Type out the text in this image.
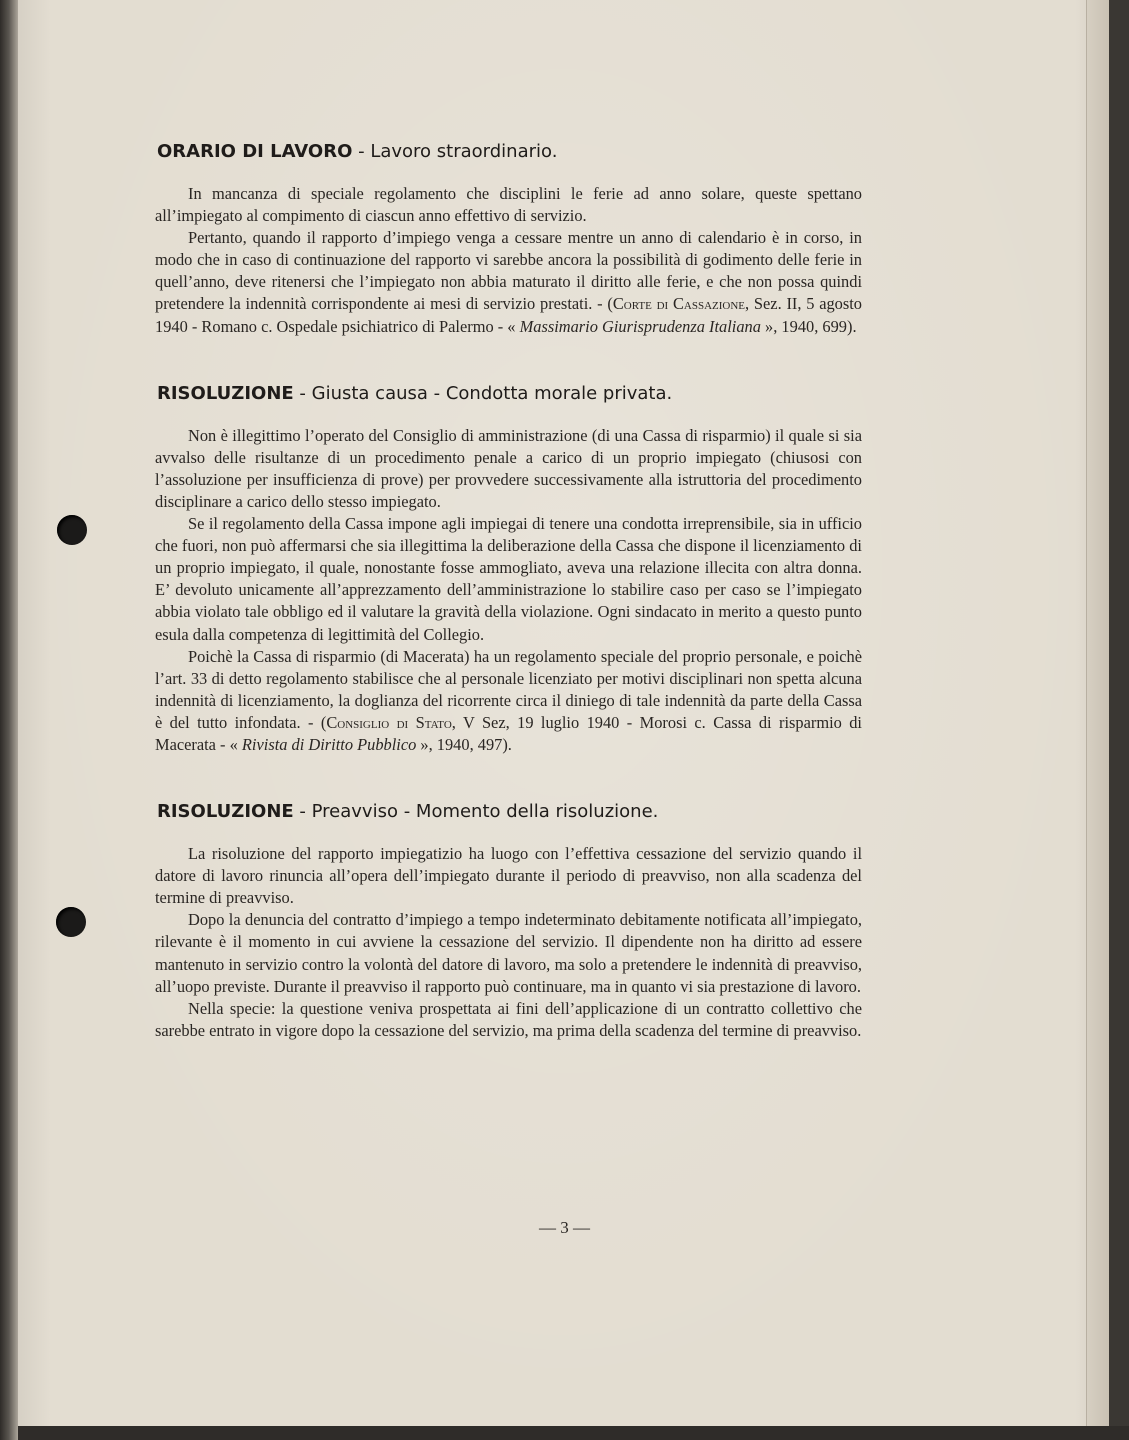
ORARIO DI LAVORO - Lavoro straordinario.

In mancanza di speciale regolamento che disciplini le ferie ad anno solare, queste spettano all’impiegato al compimento di ciascun anno effettivo di servizio.

Pertanto, quando il rapporto d’impiego venga a cessare mentre un anno di calendario è in corso, in modo che in caso di continuazione del rapporto vi sarebbe ancora la possibilità di godimento delle ferie in quell’anno, deve ritenersi che l’impiegato non abbia maturato il diritto alle ferie, e che non possa quindi pretendere la indennità corrispondente ai mesi di servizio prestati. - (Corte di Cassazione, Sez. II, 5 agosto 1940 - Romano c. Ospedale psichiatrico di Palermo - « Massimario Giurisprudenza Italiana », 1940, 699).

RISOLUZIONE - Giusta causa - Condotta morale privata.

Non è illegittimo l’operato del Consiglio di amministrazione (di una Cassa di risparmio) il quale si sia avvalso delle risultanze di un procedimento penale a carico di un proprio impiegato (chiusosi con l’assoluzione per insufficienza di prove) per provvedere successivamente alla istruttoria del procedimento disciplinare a carico dello stesso impiegato.

Se il regolamento della Cassa impone agli impiegai di tenere una condotta irreprensibile, sia in ufficio che fuori, non può affermarsi che sia illegittima la deliberazione della Cassa che dispone il licenziamento di un proprio impiegato, il quale, nonostante fosse ammogliato, aveva una relazione illecita con altra donna. E’ devoluto unicamente all’apprezzamento dell’amministrazione lo stabilire caso per caso se l’impiegato abbia violato tale obbligo ed il valutare la gravità della violazione. Ogni sindacato in merito a questo punto esula dalla competenza di legittimità del Collegio.

Poichè la Cassa di risparmio (di Macerata) ha un regolamento speciale del proprio personale, e poichè l’art. 33 di detto regolamento stabilisce che al personale licenziato per motivi disciplinari non spetta alcuna indennità di licenziamento, la doglianza del ricorrente circa il diniego di tale indennità da parte della Cassa è del tutto infondata. - (Consiglio di Stato, V Sez, 19 luglio 1940 - Morosi c. Cassa di risparmio di Macerata - « Rivista di Diritto Pubblico », 1940, 497).

RISOLUZIONE - Preavviso - Momento della risoluzione.

La risoluzione del rapporto impiegatizio ha luogo con l’effettiva cessazione del servizio quando il datore di lavoro rinuncia all’opera dell’impiegato durante il periodo di preavviso, non alla scadenza del termine di preavviso.

Dopo la denuncia del contratto d’impiego a tempo indeterminato debitamente notificata all’impiegato, rilevante è il momento in cui avviene la cessazione del servizio. Il dipendente non ha diritto ad essere mantenuto in servizio contro la volontà del datore di lavoro, ma solo a pretendere le indennità di preavviso, all’uopo previste. Durante il preavviso il rapporto può continuare, ma in quanto vi sia prestazione di lavoro.

Nella specie: la questione veniva prospettata ai fini dell’applicazione di un contratto collettivo che sarebbe entrato in vigore dopo la cessazione del servizio, ma prima della scadenza del termine di preavviso.

— 3 —
